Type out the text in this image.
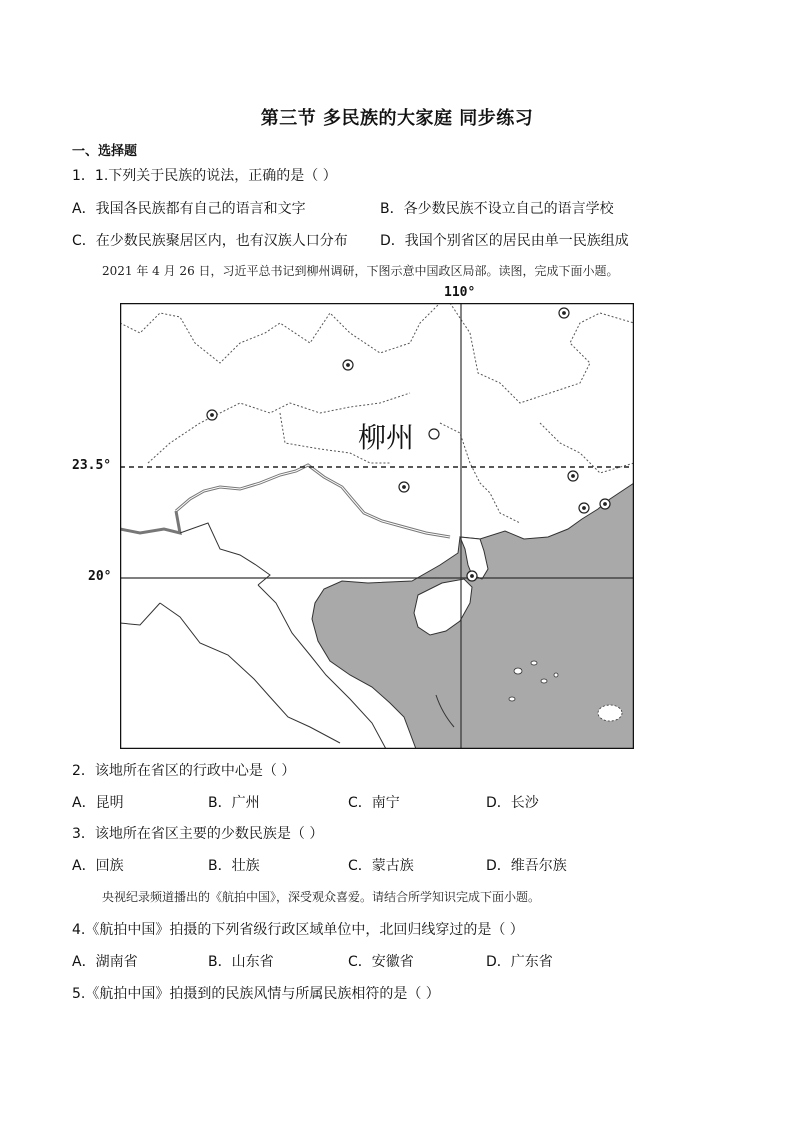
第三节 多民族的大家庭 同步练习
一、选择题
1．1.下列关于民族的说法，正确的是（ ）
A．我国各民族都有自己的语言和文字	B．各少数民族不设立自己的语言学校
C．在少数民族聚居区内，也有汉族人口分布 D．我国个别省区的居民由单一民族组成
2021 年 4 月 26 日，习近平总书记到柳州调研，下图示意中国政区局部。读图，完成下面小题。
110°
23.5°
20°
柳州
2．该地所在省区的行政中心是（ ）
A．昆明	B．广州	C．南宁	D．长沙
3．该地所在省区主要的少数民族是（ ）
A．回族	B．壮族	C．蒙古族	D．维吾尔族
央视纪录频道播出的《航拍中国》，深受观众喜爱。请结合所学知识完成下面小题。
4.《航拍中国》拍摄的下列省级行政区域单位中，北回归线穿过的是（ ）
A．湖南省	B．山东省	C．安徽省	D．广东省
5.《航拍中国》拍摄到的民族风情与所属民族相符的是（ ）
